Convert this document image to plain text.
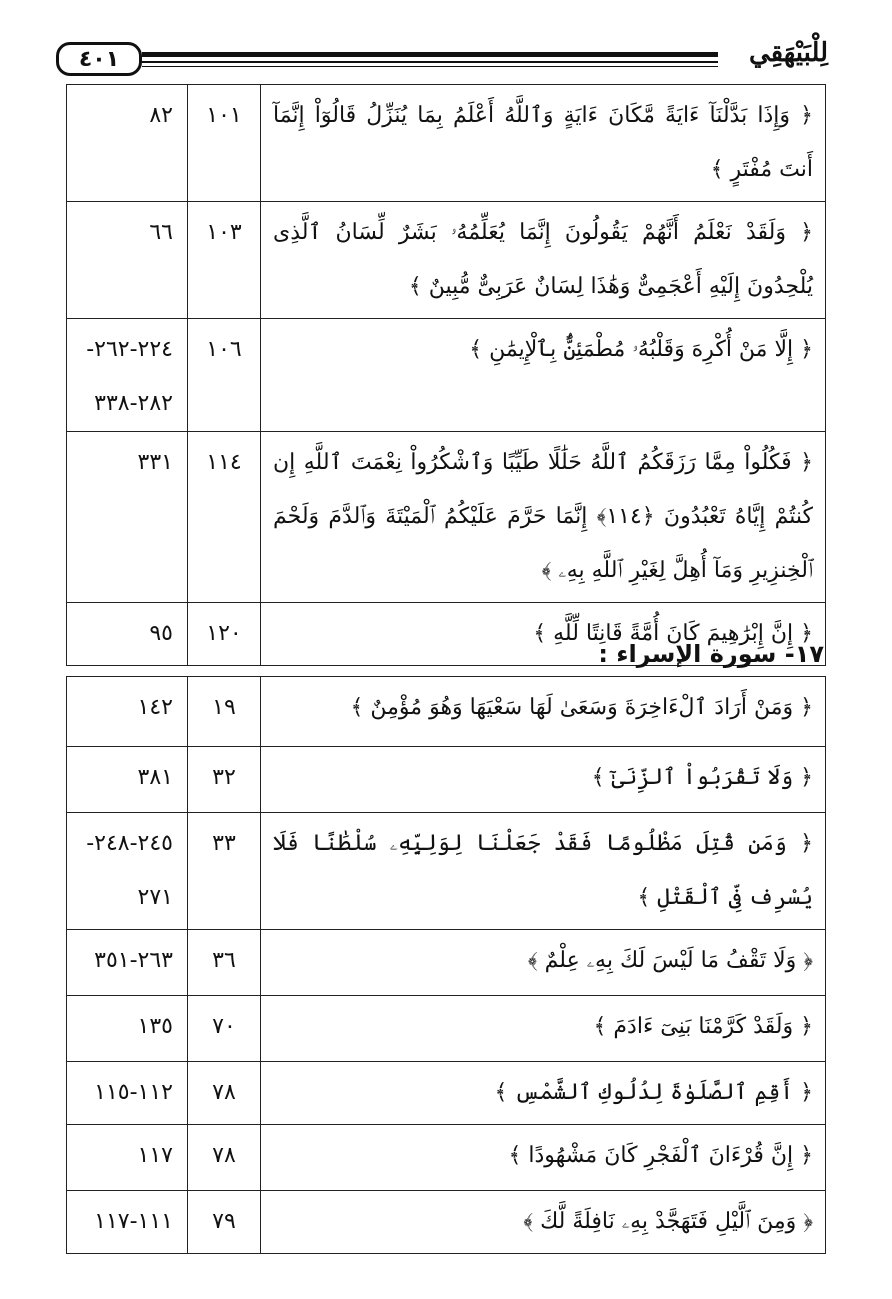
٤٠١	لِلْبَيْهَقِي
﴿ وَإِذَا بَدَّلْنَآ ءَايَةً مَّكَانَ ءَايَةٍ وَٱللَّهُ أَعْلَمُ بِمَا يُنَزِّلُ قَالُوٓاْ إِنَّمَآ أَنتَ مُفْتَرٍ ﴾	١٠١	٨٢
﴿ وَلَقَدْ نَعْلَمُ أَنَّهُمْ يَقُولُونَ إِنَّمَا يُعَلِّمُهُۥ بَشَرٌ لِّسَانُ ٱلَّذِى يُلْحِدُونَ إِلَيْهِ أَعْجَمِىٌّ وَهَٰذَا لِسَانٌ عَرَبِىٌّ مُّبِينٌ ﴾	١٠٣	٦٦
﴿ إِلَّا مَنْ أُكْرِهَ وَقَلْبُهُۥ مُطْمَئِنٌّۢ بِٱلْإِيمَٰنِ ﴾	١٠٦	٢٢٤-٢٦٢- ٢٨٢-٣٣٨
﴿ فَكُلُواْ مِمَّا رَزَقَكُمُ ٱللَّهُ حَلَٰلًا طَيِّبًا وَٱشْكُرُواْ نِعْمَتَ ٱللَّهِ إِن كُنتُمْ إِيَّاهُ تَعْبُدُونَ ﴿١١٤﴾ إِنَّمَا حَرَّمَ عَلَيْكُمُ ٱلْمَيْتَةَ وَٱلدَّمَ وَلَحْمَ ٱلْخِنزِيرِ وَمَآ أُهِلَّ لِغَيْرِ ٱللَّهِ بِهِۦ ﴾	١١٤	٣٣١
﴿ إِنَّ إِبْرَٰهِيمَ كَانَ أُمَّةً قَانِتًا لِّلَّهِ ﴾	١٢٠	٩٥
١٧- سورة الإسراء :
﴿ وَمَنْ أَرَادَ ٱلْءَاخِرَةَ وَسَعَىٰ لَهَا سَعْيَهَا وَهُوَ مُؤْمِنٌ ﴾	١٩	١٤٢
﴿ وَلَا تَقْرَبُواْ ٱلزِّنَىٰٓ ﴾	٣٢	٣٨١
﴿ وَمَن قُتِلَ مَظْلُومًا فَقَدْ جَعَلْنَا لِوَلِيِّهِۦ سُلْطَٰنًا فَلَا يُسْرِف فِّى ٱلْقَتْلِ ﴾	٣٣	٢٤٥-٢٤٨- ٢٧١
﴿ وَلَا تَقْفُ مَا لَيْسَ لَكَ بِهِۦ عِلْمٌ ﴾	٣٦	٢٦٣-٣٥١
﴿ وَلَقَدْ كَرَّمْنَا بَنِىٓ ءَادَمَ ﴾	٧٠	١٣٥
﴿ أَقِمِ ٱلصَّلَوٰةَ لِدُلُوكِ ٱلشَّمْسِ ﴾	٧٨	١١٢-١١٥
﴿ إِنَّ قُرْءَانَ ٱلْفَجْرِ كَانَ مَشْهُودًا ﴾	٧٨	١١٧
﴿ وَمِنَ ٱلَّيْلِ فَتَهَجَّدْ بِهِۦ نَافِلَةً لَّكَ ﴾	٧٩	١١١-١١٧
